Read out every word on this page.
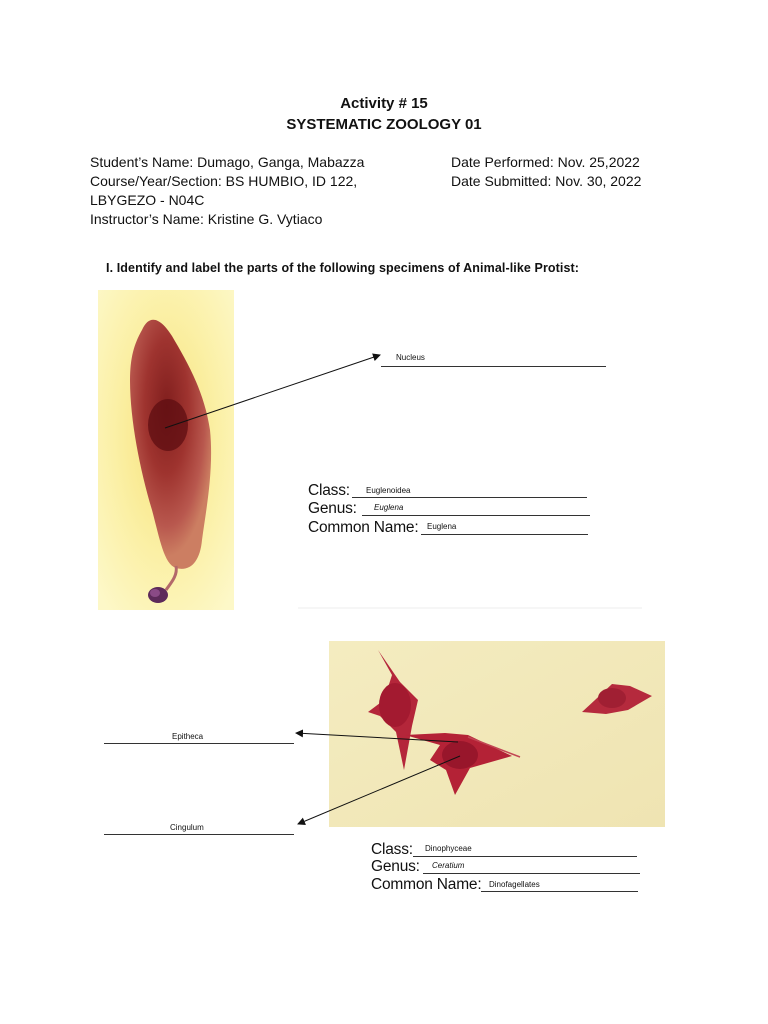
Activity # 15
SYSTEMATIC ZOOLOGY 01
Student’s Name: Dumago, Ganga, Mabazza
Course/Year/Section: BS HUMBIO, ID 122,
LBYGEZO - N04C
Instructor’s Name: Kristine G. Vytiaco
Date Performed: Nov. 25,2022
Date Submitted: Nov. 30, 2022
I. Identify and label the parts of the following specimens of Animal-like Protist:
Nucleus
Class: Euglenoidea
Genus: Euglena
Common Name: Euglena
Epitheca
Cingulum
Class: Dinophyceae
Genus: Ceratium
Common Name: Dinofagellates
